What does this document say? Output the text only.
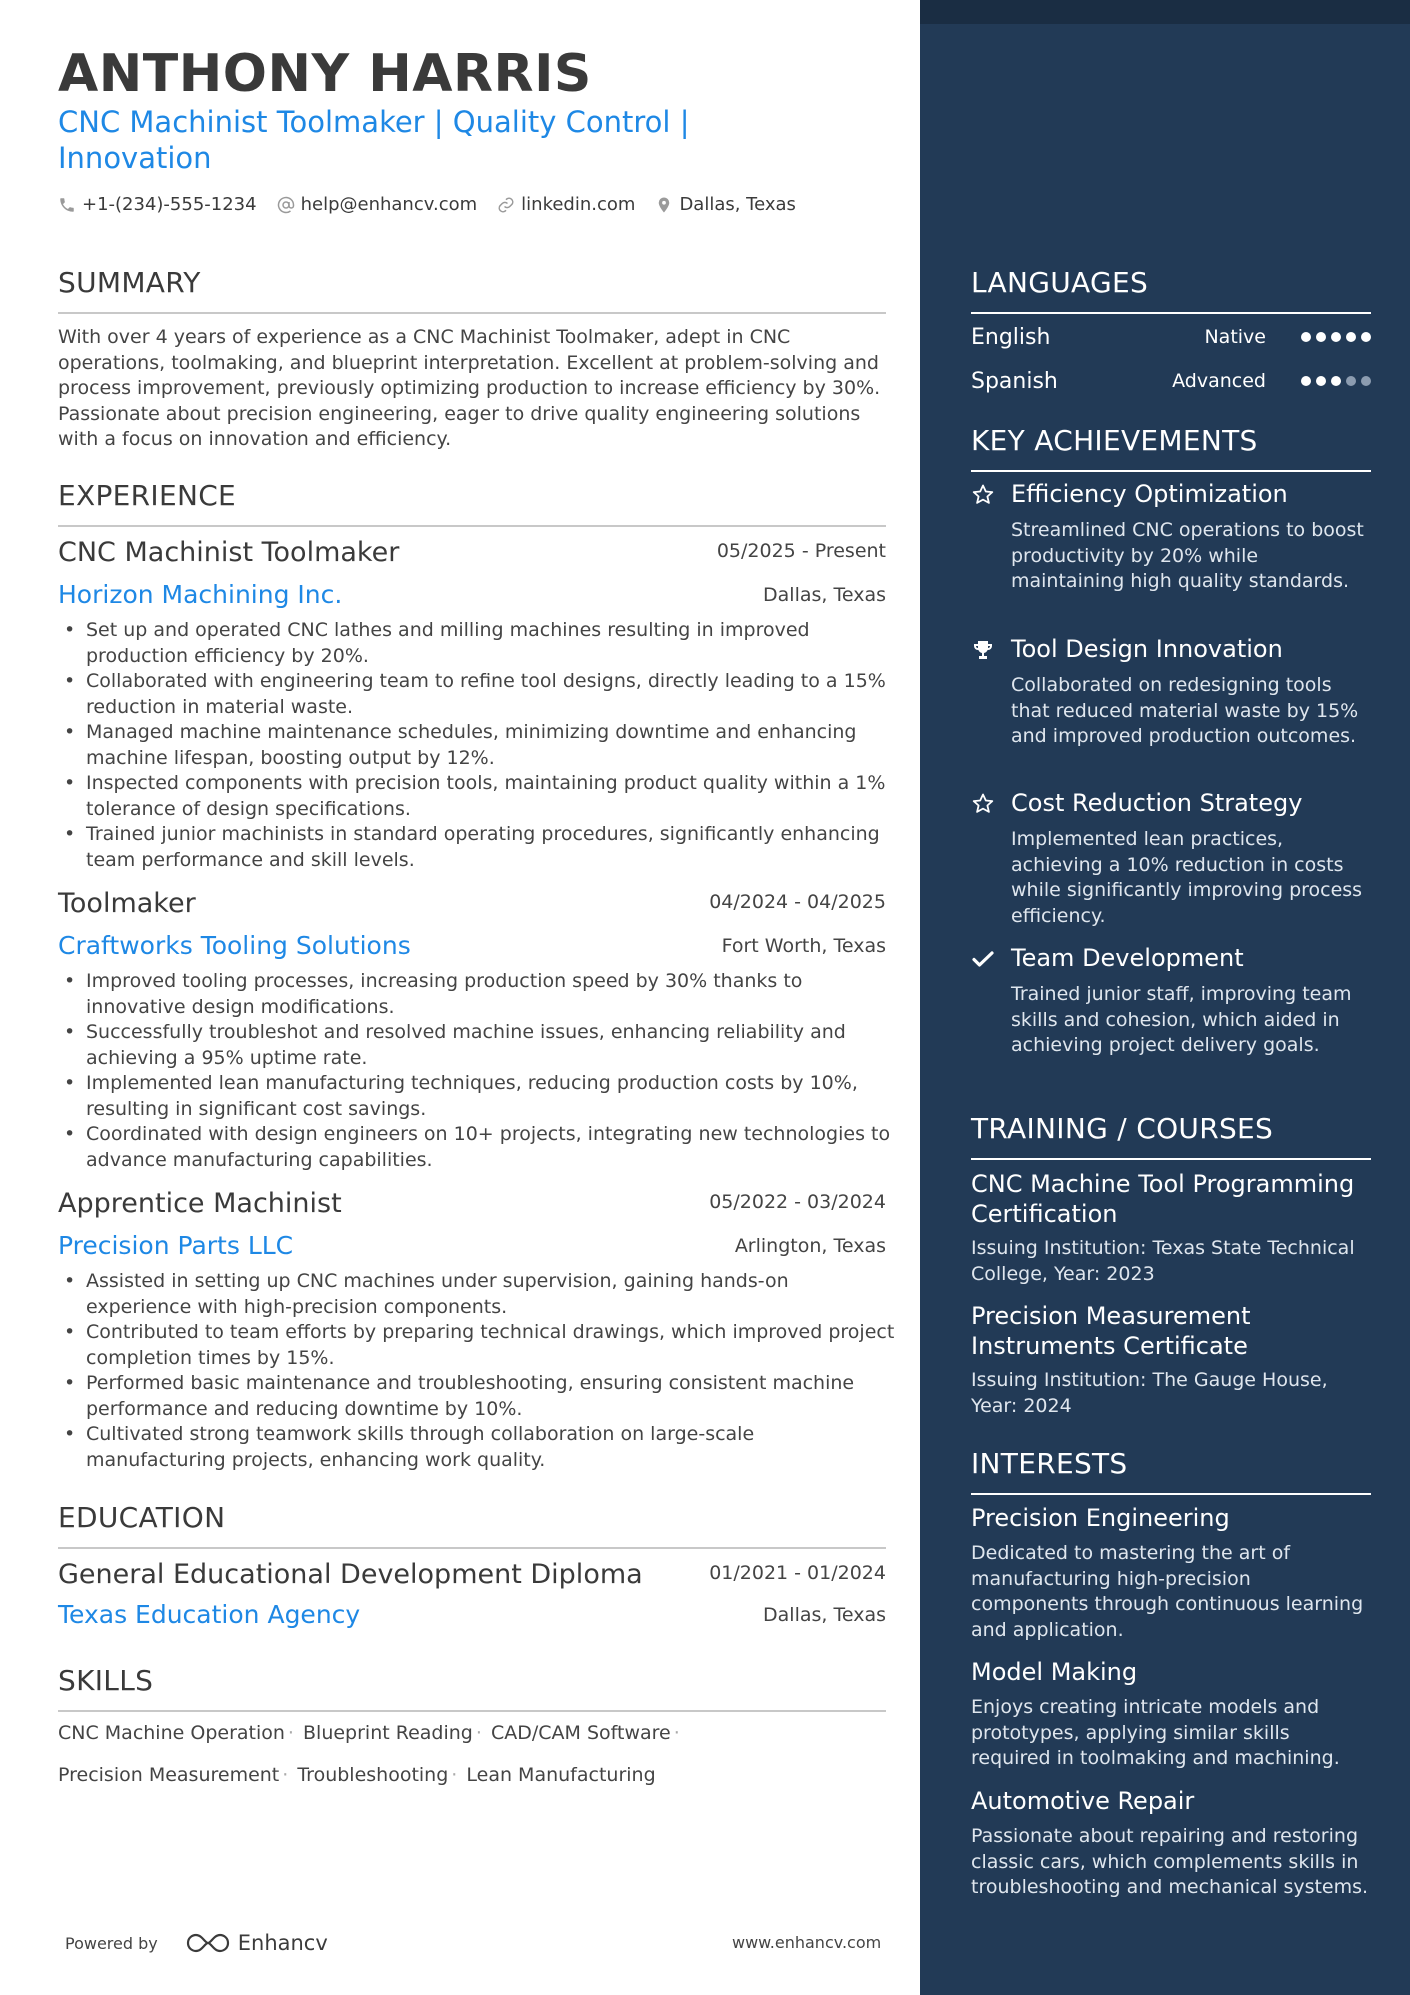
ANTHONY HARRIS
CNC Machinist Toolmaker | Quality Control | Innovation
+1-(234)-555-1234 help@enhancv.com linkedin.com Dallas, Texas
SUMMARY
With over 4 years of experience as a CNC Machinist Toolmaker, adept in CNC operations, toolmaking, and blueprint interpretation. Excellent at problem-solving and process improvement, previously optimizing production to increase efficiency by 30%. Passionate about precision engineering, eager to drive quality engineering solutions with a focus on innovation and efficiency.
EXPERIENCE
CNC Machinist Toolmaker	05/2025 - Present
Horizon Machining Inc.	Dallas, Texas
• Set up and operated CNC lathes and milling machines resulting in improved production efficiency by 20%.
• Collaborated with engineering team to refine tool designs, directly leading to a 15% reduction in material waste.
• Managed machine maintenance schedules, minimizing downtime and enhancing machine lifespan, boosting output by 12%.
• Inspected components with precision tools, maintaining product quality within a 1% tolerance of design specifications.
• Trained junior machinists in standard operating procedures, significantly enhancing team performance and skill levels.
Toolmaker	04/2024 - 04/2025
Craftworks Tooling Solutions	Fort Worth, Texas
• Improved tooling processes, increasing production speed by 30% thanks to innovative design modifications.
• Successfully troubleshot and resolved machine issues, enhancing reliability and achieving a 95% uptime rate.
• Implemented lean manufacturing techniques, reducing production costs by 10%, resulting in significant cost savings.
• Coordinated with design engineers on 10+ projects, integrating new technologies to advance manufacturing capabilities.
Apprentice Machinist	05/2022 - 03/2024
Precision Parts LLC	Arlington, Texas
• Assisted in setting up CNC machines under supervision, gaining hands-on experience with high-precision components.
• Contributed to team efforts by preparing technical drawings, which improved project completion times by 15%.
• Performed basic maintenance and troubleshooting, ensuring consistent machine performance and reducing downtime by 10%.
• Cultivated strong teamwork skills through collaboration on large-scale manufacturing projects, enhancing work quality.
EDUCATION
General Educational Development Diploma	01/2021 - 01/2024
Texas Education Agency	Dallas, Texas
SKILLS
CNC Machine Operation · Blueprint Reading · CAD/CAM Software ·
Precision Measurement · Troubleshooting · Lean Manufacturing
Powered by	Enhancv	www.enhancv.com
LANGUAGES
English	Native
Spanish	Advanced
KEY ACHIEVEMENTS
Efficiency Optimization
Streamlined CNC operations to boost productivity by 20% while maintaining high quality standards.
Tool Design Innovation
Collaborated on redesigning tools that reduced material waste by 15% and improved production outcomes.
Cost Reduction Strategy
Implemented lean practices, achieving a 10% reduction in costs while significantly improving process efficiency.
Team Development
Trained junior staff, improving team skills and cohesion, which aided in achieving project delivery goals.
TRAINING / COURSES
CNC Machine Tool Programming Certification
Issuing Institution: Texas State Technical College, Year: 2023
Precision Measurement Instruments Certificate
Issuing Institution: The Gauge House, Year: 2024
INTERESTS
Precision Engineering
Dedicated to mastering the art of manufacturing high-precision components through continuous learning and application.
Model Making
Enjoys creating intricate models and prototypes, applying similar skills required in toolmaking and machining.
Automotive Repair
Passionate about repairing and restoring classic cars, which complements skills in troubleshooting and mechanical systems.
